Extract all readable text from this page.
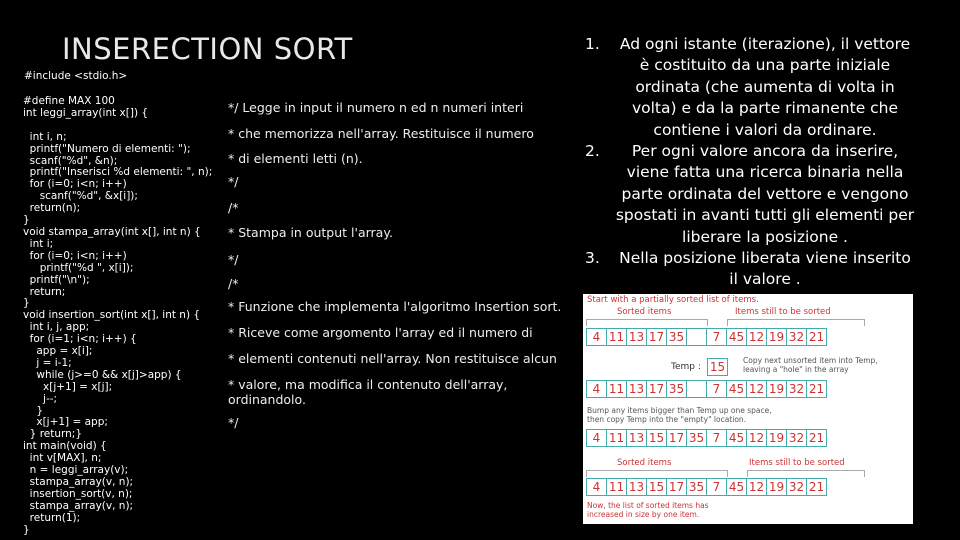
INSERECTION SORT
#include <stdio.h>
#define MAX 100
int leggi_array(int x[]) {

int i, n;
printf("Numero di elementi: ");
scanf("%d", &n);
printf("Inserisci %d elementi: ", n);
for (i=0; i<n; i++)
scanf("%d", &x[i]);
return(n);
}
void stampa_array(int x[], int n) {
int i;
for (i=0; i<n; i++)
printf("%d ", x[i]);
printf("\n");
return;
}
void insertion_sort(int x[], int n) {
int i, j, app;
for (i=1; i<n; i++) {
app = x[i];
j = i-1;
while (j>=0 && x[j]>app) {
x[j+1] = x[j];
j--;
}
x[j+1] = app;
} return;}
int main(void) {
int v[MAX], n;
n = leggi_array(v);
stampa_array(v, n);
insertion_sort(v, n);
stampa_array(v, n);
return(1);
}
*/ Legge in input il numero n ed n numeri interi
* che memorizza nell'array. Restituisce il numero
* di elementi letti (n).
*/
/*
* Stampa in output l'array.
*/
/*
* Funzione che implementa l'algoritmo Insertion sort.
* Riceve come argomento l'array ed il numero di
* elementi contenuti nell'array. Non restituisce alcun
* valore, ma modifica il contenuto dell'array,
ordinandolo.
*/
1.	Ad ogni istante (iterazione), il vettore
è costituito da una parte iniziale
ordinata (che aumenta di volta in
volta) e da la parte rimanente che
contiene i valori da ordinare.
2.	Per ogni valore ancora da inserire,
viene fatta una ricerca binaria nella
parte ordinata del vettore e vengono
spostati in avanti tutti gli elementi per
liberare la posizione .
3.	Nella posizione liberata viene inserito
il valore .
Start with a partially sorted list of items.
Sorted items	Items still to be sorted
4 11 13 17 35	7 45 12 19 32 21
Temp : 15	Copy next unsorted item into Temp,
leaving a "hole" in the array
4 11 13 17 35	7 45 12 19 32 21
Bump any items bigger than Temp up one space,
then copy Temp into the "empty" location.
4 11 13 15 17 35 7 45 12 19 32 21
Sorted items	Items still to be sorted
4 11 13 15 17 35 7 45 12 19 32 21
Now, the list of sorted items has
increased in size by one item.
